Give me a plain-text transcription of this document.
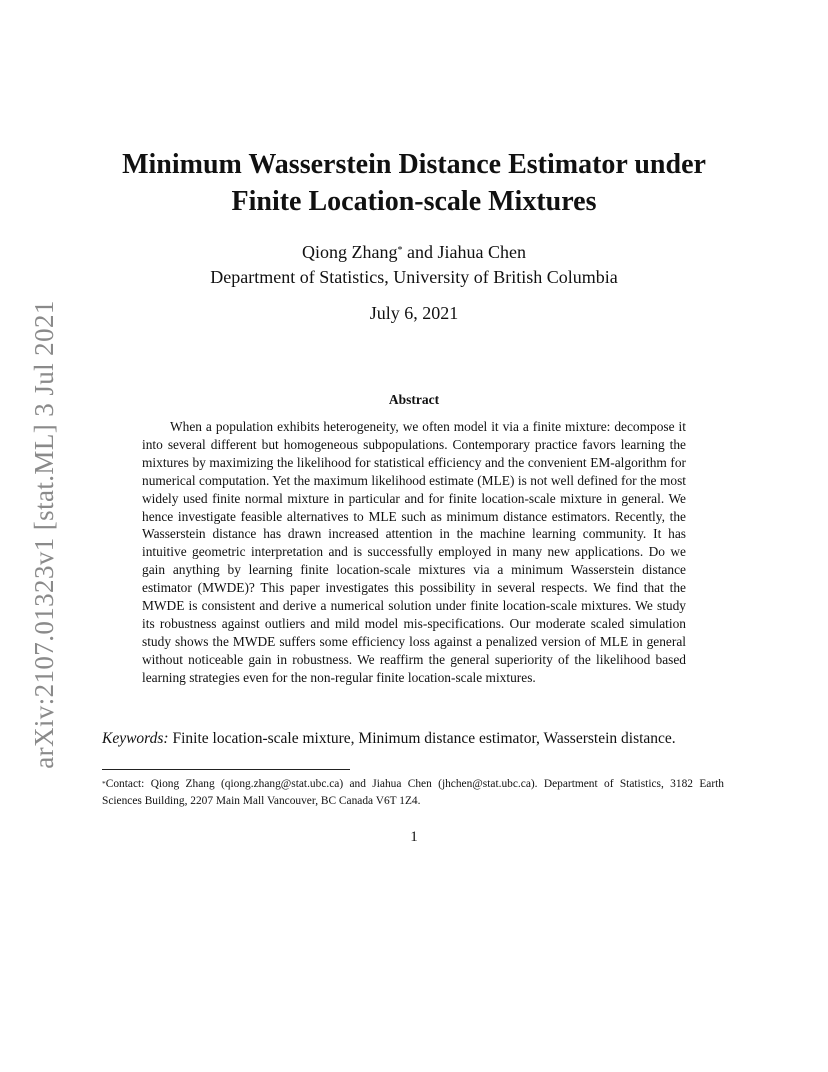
arXiv:2107.01323v1 [stat.ML] 3 Jul 2021
Minimum Wasserstein Distance Estimator under
Finite Location-scale Mixtures
Qiong Zhang* and Jiahua Chen
Department of Statistics, University of British Columbia
July 6, 2021
Abstract

When a population exhibits heterogeneity, we often model it via a finite mixture: decompose it into several different but homogeneous subpopulations. Contemporary practice favors learning the mixtures by maximizing the likelihood for statistical efficiency and the convenient EM-algorithm for numerical computation. Yet the maximum likelihood estimate (MLE) is not well defined for the most widely used finite normal mixture in particular and for finite location-scale mixture in general. We hence investigate feasible alternatives to MLE such as minimum distance estimators. Recently, the Wasserstein distance has drawn increased attention in the machine learning community. It has intuitive geometric interpretation and is successfully employed in many new applications. Do we gain anything by learning finite location-scale mixtures via a minimum Wasserstein distance estimator (MWDE)? This paper investigates this possibility in several respects. We find that the MWDE is consistent and derive a numerical solution under finite location-scale mixtures. We study its robustness against outliers and mild model mis-specifications. Our moderate scaled simulation study shows the MWDE suffers some efficiency loss against a penalized version of MLE in general without noticeable gain in robustness. We reaffirm the general superiority of the likelihood based learning strategies even for the non-regular finite location-scale mixtures.

Keywords: Finite location-scale mixture, Minimum distance estimator, Wasserstein distance.
*Contact: Qiong Zhang (qiong.zhang@stat.ubc.ca) and Jiahua Chen (jhchen@stat.ubc.ca). Department of Statistics, 3182 Earth Sciences Building, 2207 Main Mall Vancouver, BC Canada V6T 1Z4.
1
